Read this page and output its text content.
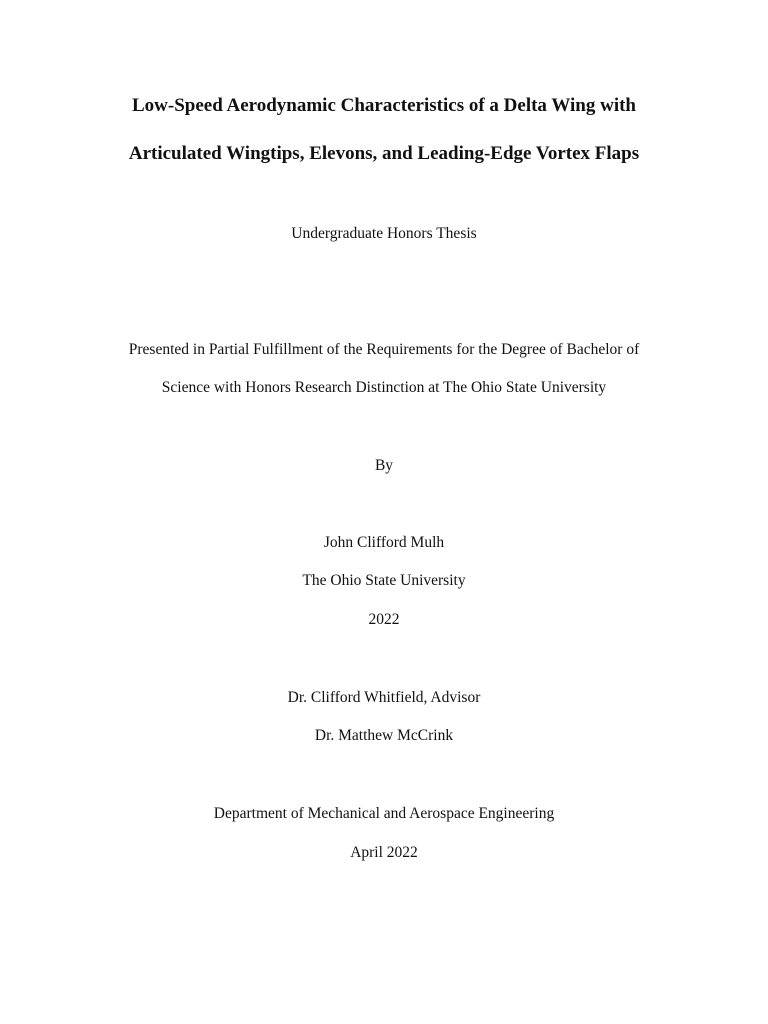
Low-Speed Aerodynamic Characteristics of a Delta Wing with
Articulated Wingtips, Elevons, and Leading-Edge Vortex Flaps
Undergraduate Honors Thesis
Presented in Partial Fulfillment of the Requirements for the Degree of Bachelor of
Science with Honors Research Distinction at The Ohio State University
By
John Clifford Mulh
The Ohio State University
2022
Dr. Clifford Whitfield, Advisor
Dr. Matthew McCrink
Department of Mechanical and Aerospace Engineering
April 2022
